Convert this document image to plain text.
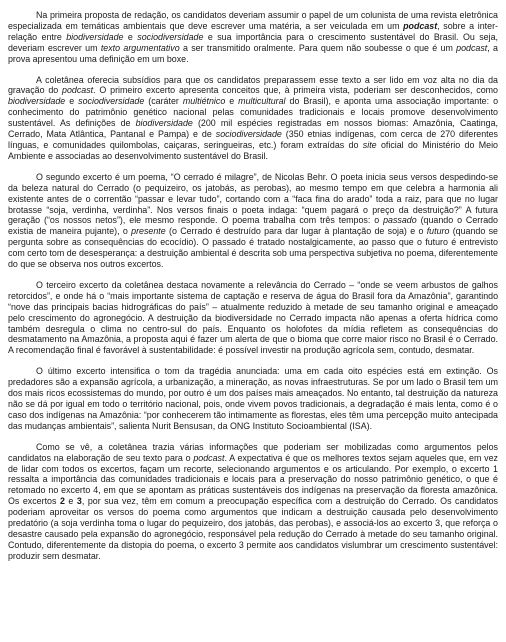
Na primeira proposta de redação, os candidatos deveriam assumir o papel de um colunista de uma revista eletrônica especializada em temáticas ambientais que deve escrever uma matéria, a ser veiculada em um podcast, sobre a inter-relação entre biodiversidade e sociodiversidade e sua importância para o crescimento sustentável do Brasil. Ou seja, deveriam escrever um texto argumentativo a ser transmitido oralmente. Para quem não soubesse o que é um podcast, a prova apresentou uma definição em um boxe.

A coletânea oferecia subsídios para que os candidatos preparassem esse texto a ser lido em voz alta no dia da gravação do podcast. O primeiro excerto apresenta conceitos que, à primeira vista, poderiam ser desconhecidos, como biodiversidade e sociodiversidade (caráter multiétnico e multicultural do Brasil), e aponta uma associação importante: o conhecimento do patrimônio genético nacional pelas comunidades tradicionais e locais promove desenvolvimento sustentável. As definições de biodiversidade (200 mil espécies registradas em nossos biomas: Amazônia, Caatinga, Cerrado, Mata Atlântica, Pantanal e Pampa) e de sociodiversidade (350 etnias indígenas, com cerca de 270 diferentes línguas, e comunidades quilombolas, caiçaras, seringueiras, etc.) foram extraídas do site oficial do Ministério do Meio Ambiente e associadas ao desenvolvimento sustentável do Brasil.

O segundo excerto é um poema, “O cerrado é milagre”, de Nicolas Behr. O poeta inicia seus versos despedindo-se da beleza natural do Cerrado (o pequizeiro, os jatobás, as perobas), ao mesmo tempo em que celebra a harmonia ali existente antes de o correntão “passar e levar tudo”, cortando com a “faca fina do arado” toda a raiz, para que no lugar brotasse “soja, verdinha, verdinha”. Nos versos finais o poeta indaga: “quem pagará o preço da destruição?” A futura geração (“os nossos netos”), ele mesmo responde. O poema trabalha com três tempos: o passado (quando o Cerrado existia de maneira pujante), o presente (o Cerrado é destruído para dar lugar à plantação de soja) e o futuro (quando se pergunta sobre as consequências do ecocídio). O passado é tratado nostalgicamente, ao passo que o futuro é entrevisto com certo tom de desesperança: a destruição ambiental é descrita sob uma perspectiva subjetiva no poema, diferentemente do que se observa nos outros excertos.

O terceiro excerto da coletânea destaca novamente a relevância do Cerrado – “onde se veem arbustos de galhos retorcidos”, e onde há o “mais importante sistema de captação e reserva de água do Brasil fora da Amazônia”, garantindo “nove das principais bacias hidrográficas do país” – atualmente reduzido à metade de seu tamanho original e ameaçado pelo crescimento do agronegócio. A destruição da biodiversidade no Cerrado impacta não apenas a oferta hídrica como também desregula o clima no centro-sul do país. Enquanto os holofotes da mídia refletem as consequências do desmatamento na Amazônia, a proposta aqui é fazer um alerta de que o bioma que corre maior risco no Brasil é o Cerrado. A recomendação final é favorável à sustentabilidade: é possível investir na produção agrícola sem, contudo, desmatar.

O último excerto intensifica o tom da tragédia anunciada: uma em cada oito espécies está em extinção. Os predadores são a expansão agrícola, a urbanização, a mineração, as novas infraestruturas. Se por um lado o Brasil tem um dos mais ricos ecossistemas do mundo, por outro é um dos países mais ameaçados. No entanto, tal destruição da natureza não se dá por igual em todo o território nacional, pois, onde vivem povos tradicionais, a degradação é mais lenta, como é o caso dos indígenas na Amazônia: “por conhecerem tão intimamente as florestas, eles têm uma percepção muito antecipada das mudanças ambientais”, salienta Nurit Bensusan, da ONG Instituto Socioambiental (ISA).

Como se vê, a coletânea trazia várias informações que poderiam ser mobilizadas como argumentos pelos candidatos na elaboração de seu texto para o podcast. A expectativa é que os melhores textos sejam aqueles que, em vez de lidar com todos os excertos, façam um recorte, selecionando argumentos e os articulando. Por exemplo, o excerto 1 ressalta a importância das comunidades tradicionais e locais para a preservação do nosso patrimônio genético, o que é retomado no excerto 4, em que se apontam as práticas sustentáveis dos indígenas na preservação da floresta amazônica. Os excertos 2 e 3, por sua vez, têm em comum a preocupação específica com a destruição do Cerrado. Os candidatos poderiam aproveitar os versos do poema como argumentos que indicam a destruição causada pelo desenvolvimento predatório (a soja verdinha toma o lugar do pequizeiro, dos jatobás, das perobas), e associá-los ao excerto 3, que reforça o desastre causado pela expansão do agronegócio, responsável pela redução do Cerrado à metade do seu tamanho original. Contudo, diferentemente da distopia do poema, o excerto 3 permite aos candidatos vislumbrar um crescimento sustentável: produzir sem desmatar.
